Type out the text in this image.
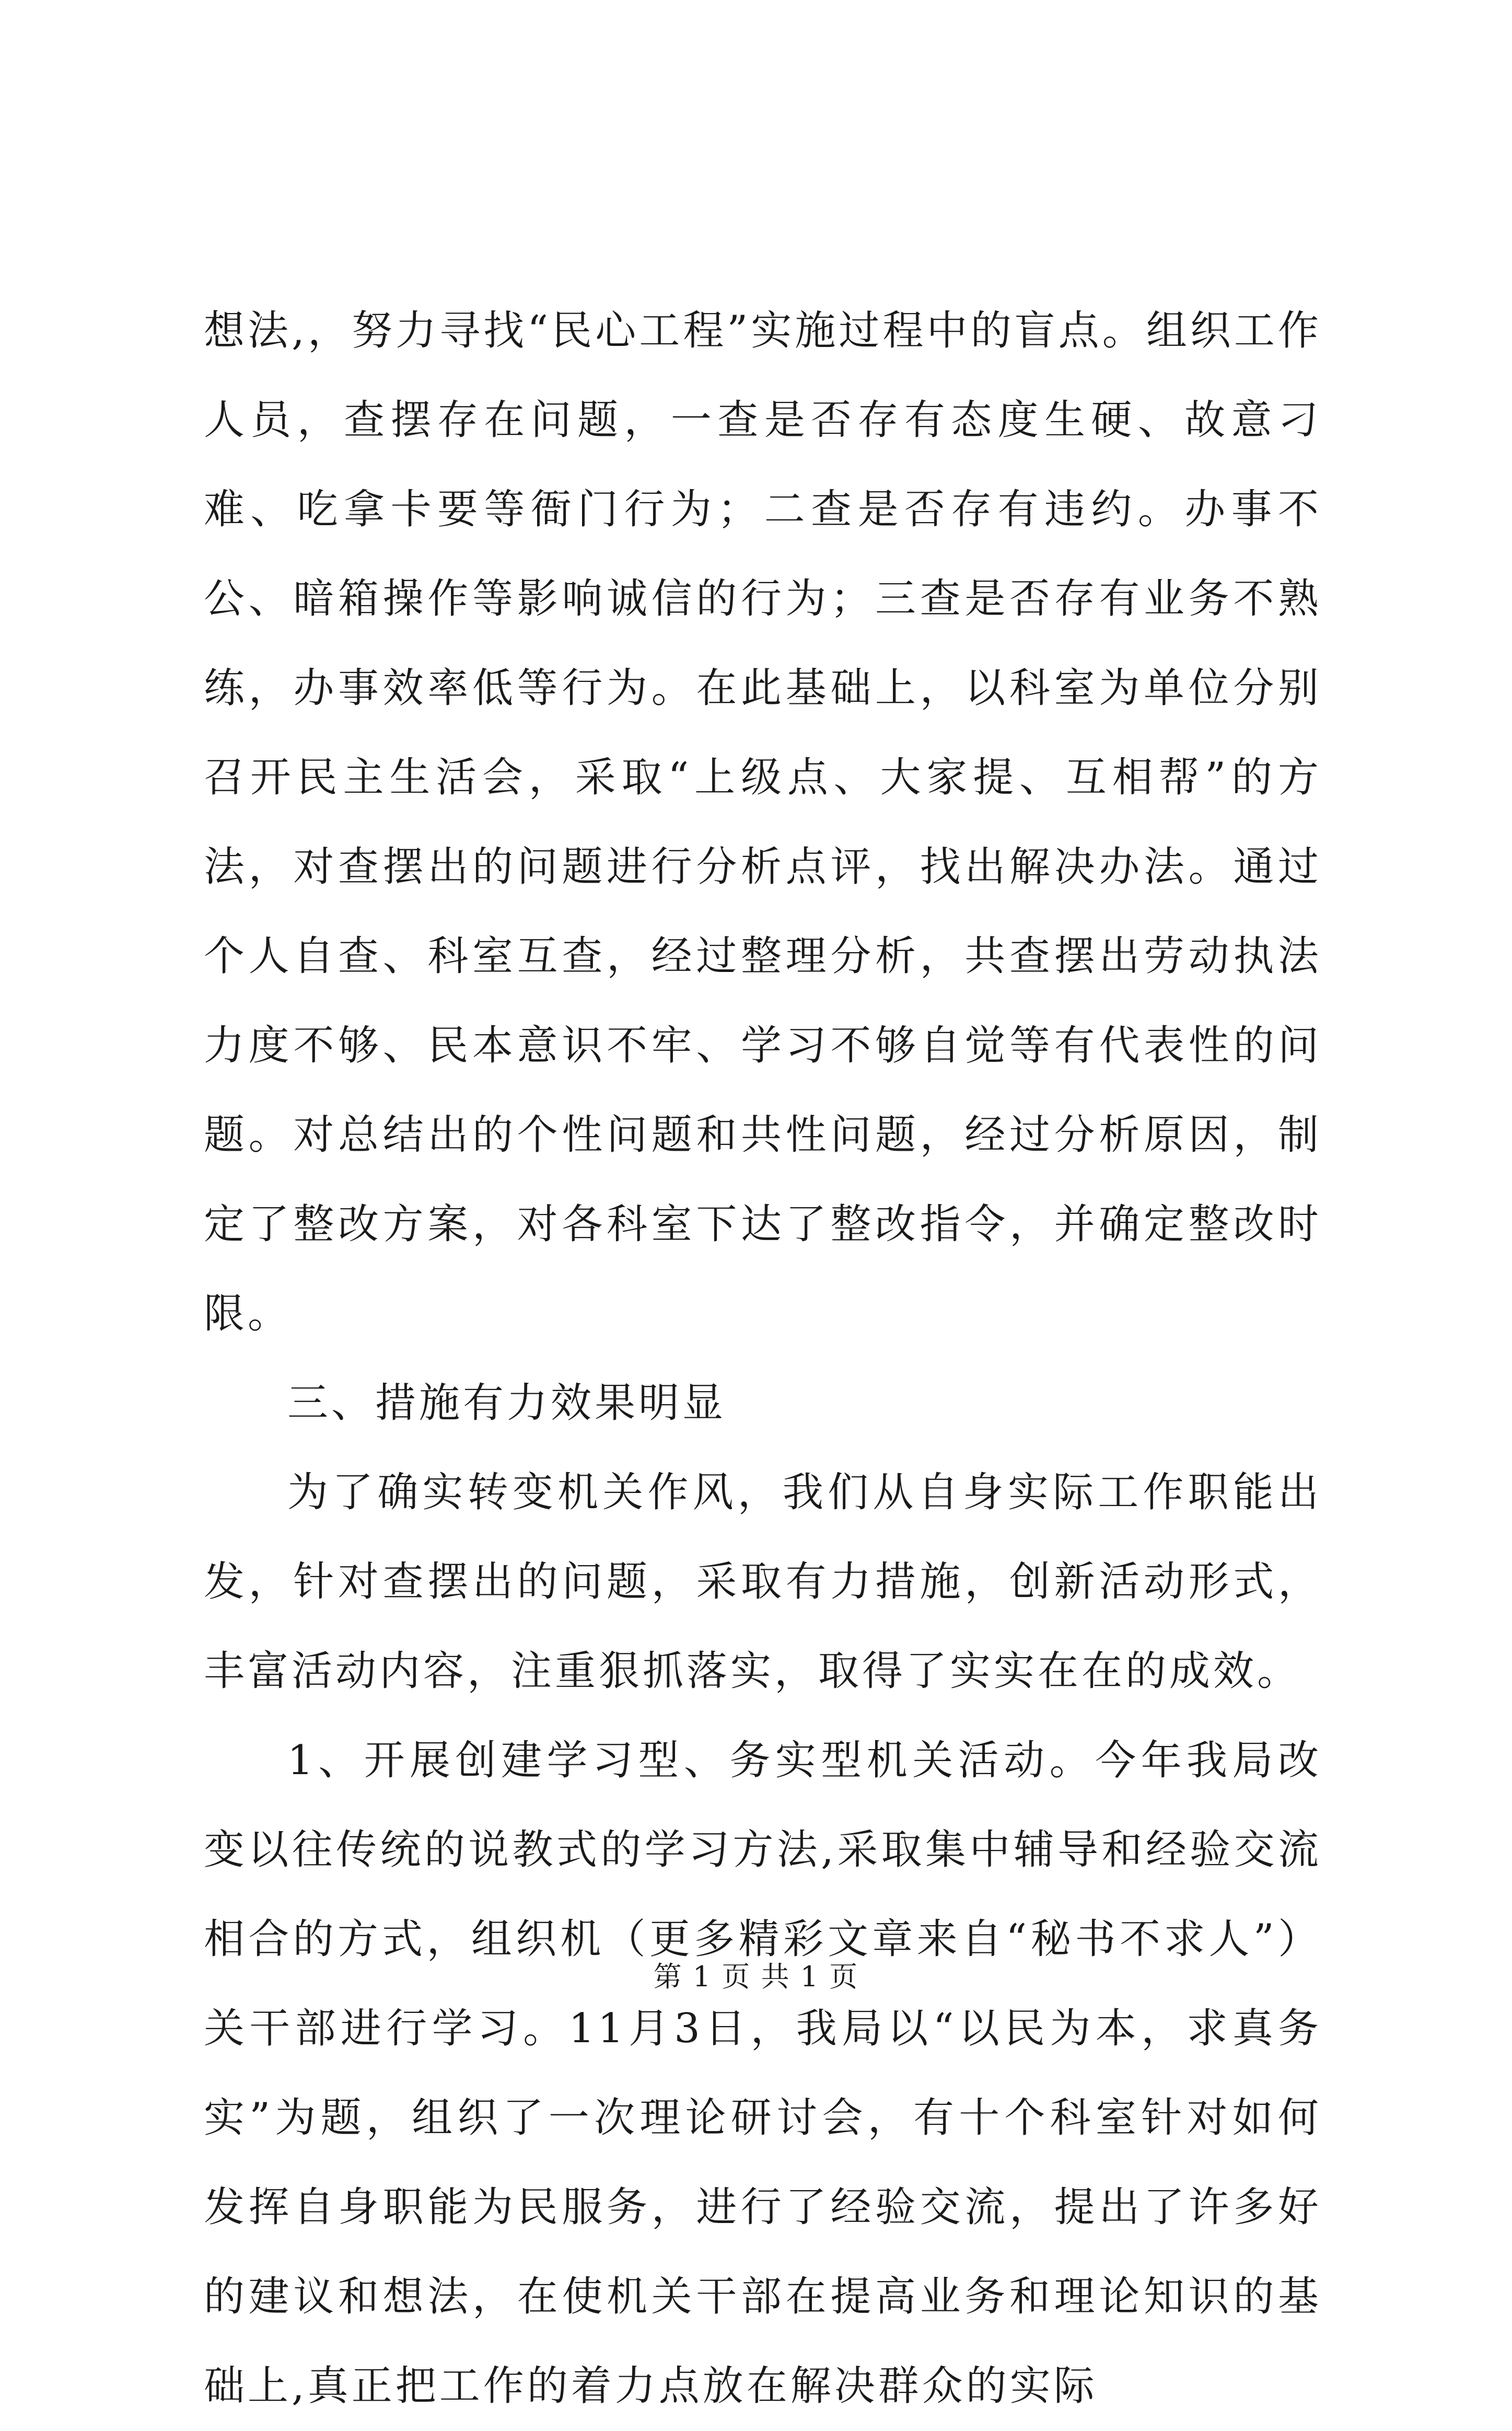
想法,，努力寻找“民心工程”实施过程中的盲点。组织工作人员，查摆存在问题，一查是否存有态度生硬、故意刁难、吃拿卡要等衙门行为；二查是否存有违约。办事不公、暗箱操作等影响诚信的行为；三查是否存有业务不熟练，办事效率低等行为。在此基础上，以科室为单位分别召开民主生活会，采取“上级点、大家提、互相帮”的方法，对查摆出的问题进行分析点评，找出解决办法。通过个人自查、科室互查，经过整理分析，共查摆出劳动执法力度不够、民本意识不牢、学习不够自觉等有代表性的问题。对总结出的个性问题和共性问题，经过分析原因，制定了整改方案，对各科室下达了整改指令，并确定整改时限。

三、措施有力效果明显

为了确实转变机关作风，我们从自身实际工作职能出发，针对查摆出的问题，采取有力措施，创新活动形式，丰富活动内容，注重狠抓落实，取得了实实在在的成效。

1、开展创建学习型、务实型机关活动。今年我局改变以往传统的说教式的学习方法,采取集中辅导和经验交流相合的方式，组织机（更多精彩文章来自“秘书不求人”）关干部进行学习。11月3日，我局以“以民为本，求真务实”为题，组织了一次理论研讨会，有十个科室针对如何发挥自身职能为民服务，进行了经验交流，提出了许多好的建议和想法，在使机关干部在提高业务和理论知识的基础上,真正把工作的着力点放在解决群众的实际

第 1 页 共 1 页
